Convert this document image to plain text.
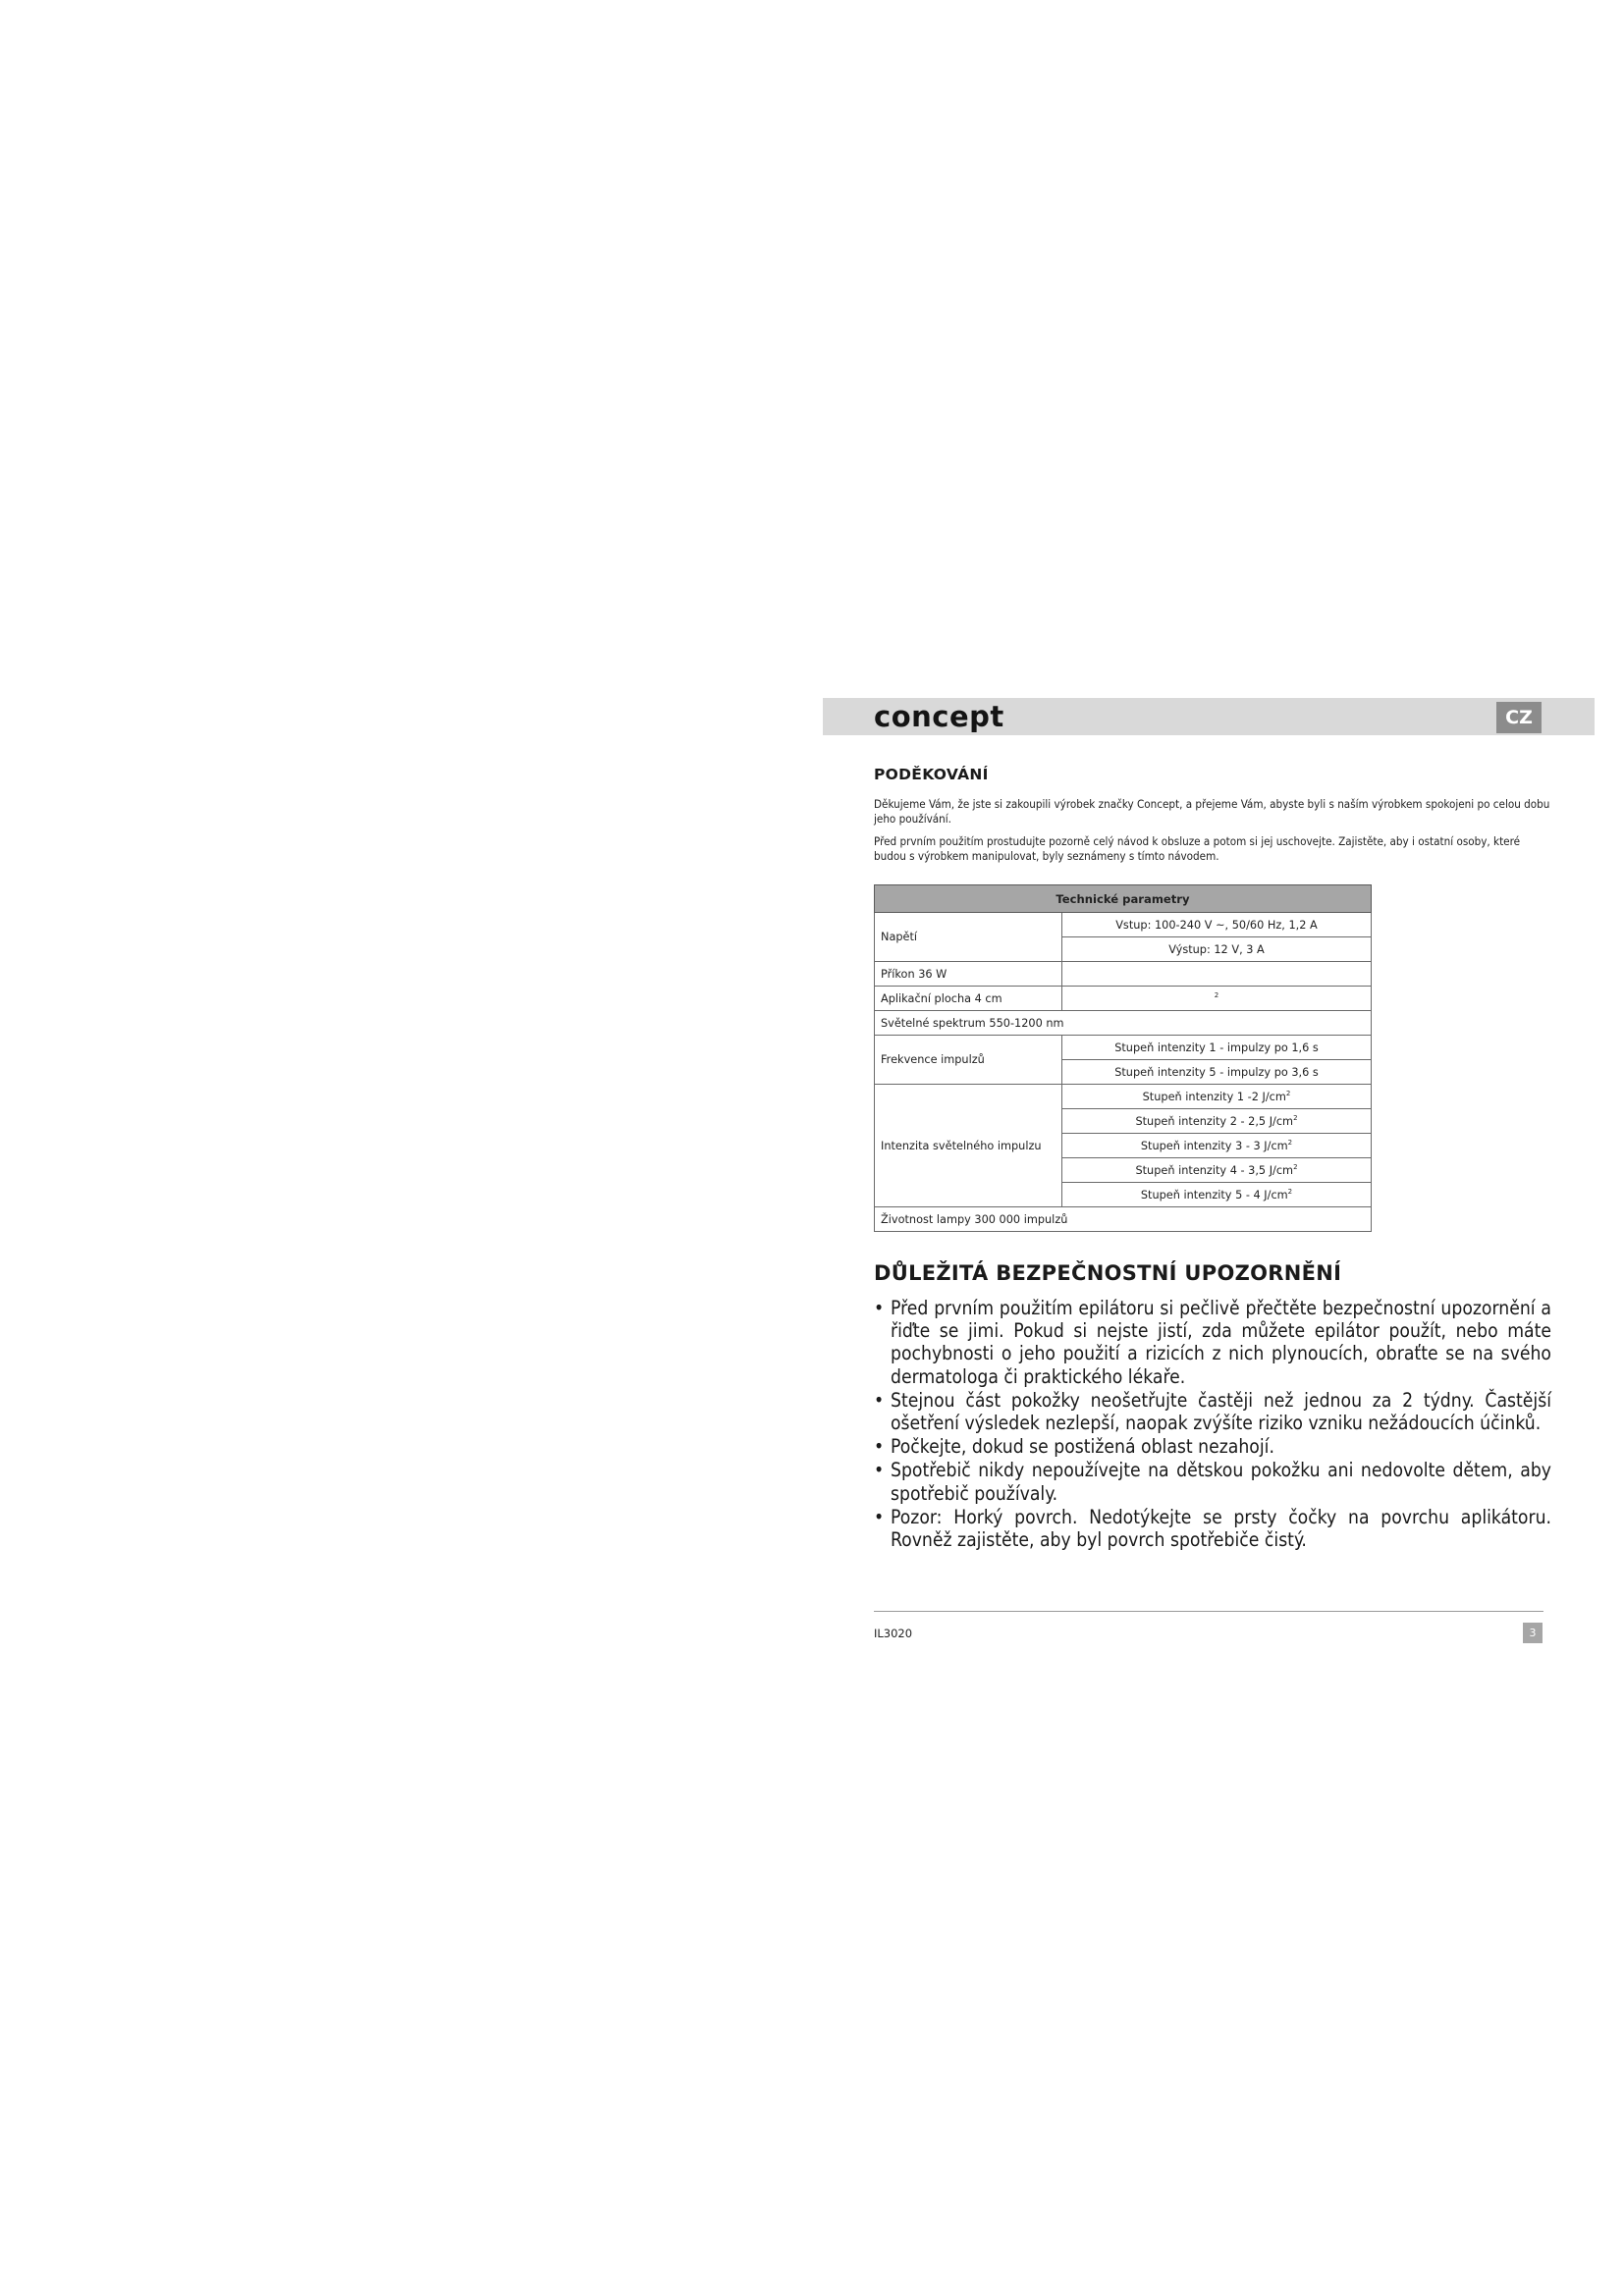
concept	CZ
PODĚKOVÁNÍ

Děkujeme Vám, že jste si zakoupili výrobek značky Concept, a přejeme Vám, abyste byli s naším výrobkem spokojeni po celou dobu jeho používání.

Před prvním použitím prostudujte pozorně celý návod k obsluze a potom si jej uschovejte. Zajistěte, aby i ostatní osoby, které budou s výrobkem manipulovat, byly seznámeny s tímto návodem.

Technické parametry	
Napětí	Vstup: 100-240 V ~, 50/60 Hz, 1,2 A
	Výstup: 12 V, 3 A
Příkon 36 W	
Aplikační plocha 4 cm	$^2$
Světelné spektrum 550-1200 nm	
Frekvence impulzů	Stupeň intenzity 1 - impulzy po 1,6 s
	Stupeň intenzity 5 - impulzy po 3,6 s
Intenzita světelného impulzu	Stupeň intenzity 1 -2 $J/cm^2$
	Stupeň intenzity 2 - 2,5 $J/cm^2$
	Stupeň intenzity 3 - 3 $J/cm^2$
	Stupeň intenzity 4 - 3,5 $J/cm^2$
	Stupeň intenzity 5 - 4 $J/cm^2$
Životnost lampy 300 000 impulzů	
DŮLEŽITÁ BEZPEČNOSTNÍ UPOZORNĚNÍ
• Před prvním použitím epilátoru si pečlivě přečtěte bezpečnostní upozornění a řiďte se jimi. Pokud si nejste jistí, zda můžete epilátor použít, nebo máte pochybnosti o jeho použití a rizicích z nich plynoucích, obraťte se na svého dermatologa či praktického lékaře.
• Stejnou část pokožky neošetřujte častěji než jednou za 2 týdny. Častější ošetření výsledek nezlepší, naopak zvýšíte riziko vzniku nežádoucích účinků.
• Počkejte, dokud se postižená oblast nezahojí.
• Spotřebič nikdy nepoužívejte na dětskou pokožku ani nedovolte dětem, aby spotřebič používaly.
• Pozor: Horký povrch. Nedotýkejte se prsty čočky na povrchu aplikátoru. Rovněž zajistěte, aby byl povrch spotřebiče čistý.
IL3020	3
